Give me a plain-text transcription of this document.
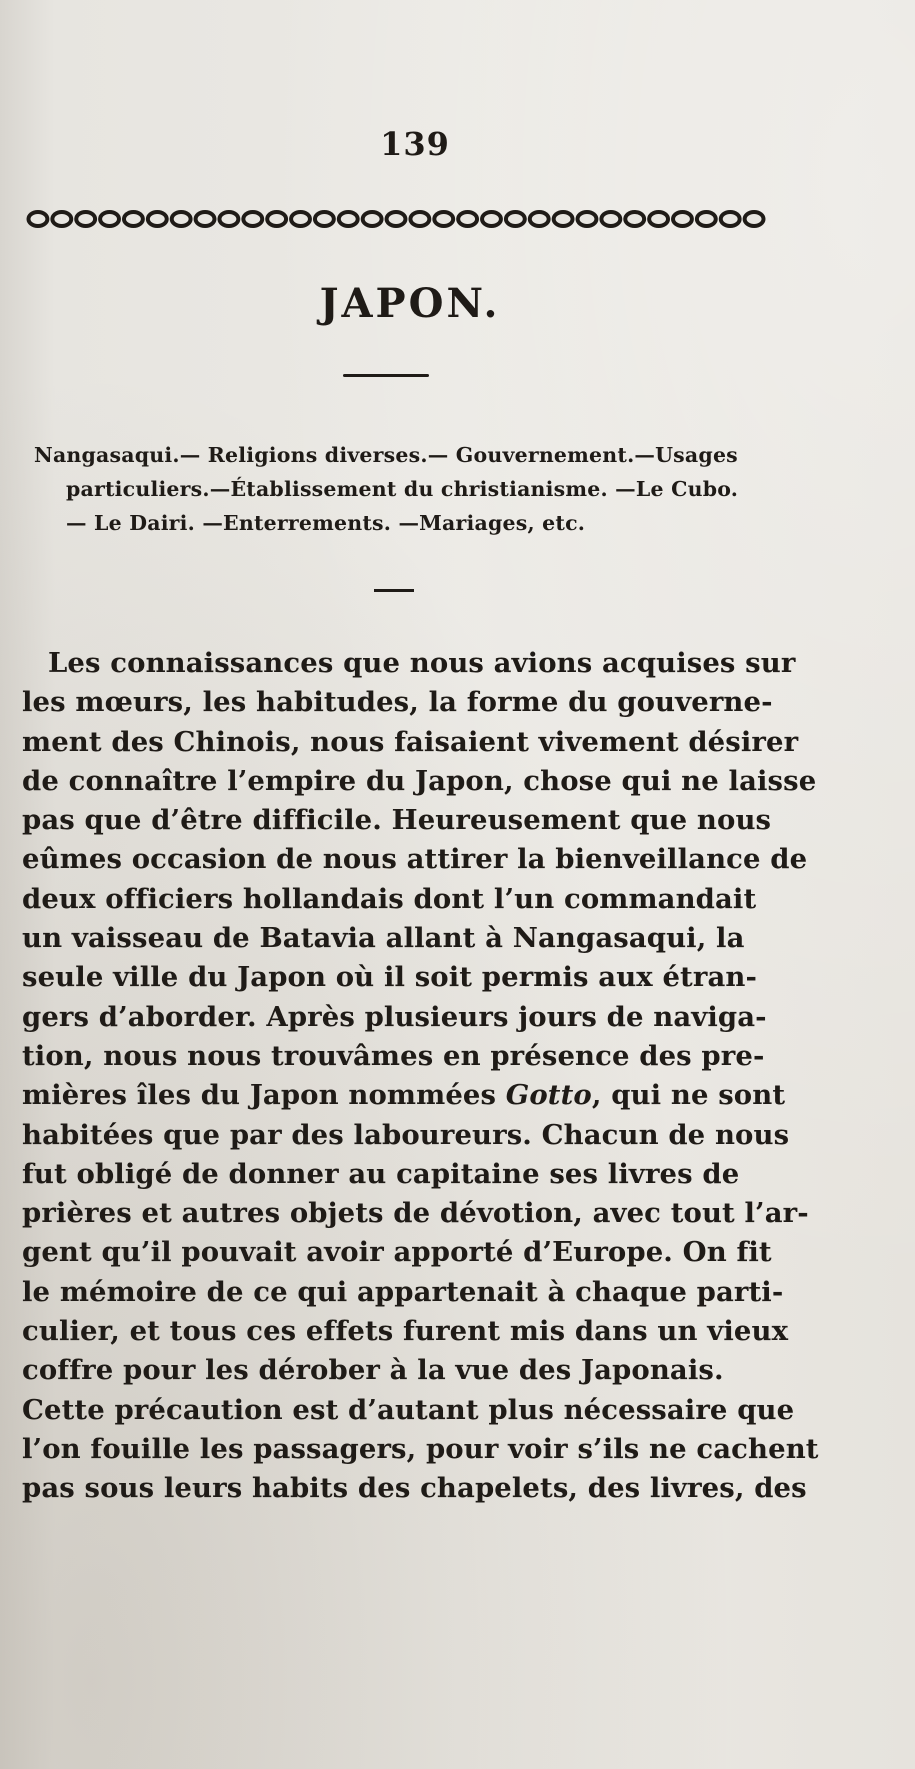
139
JAPON.
Nangasaqui.— Religions diverses.— Gouvernement.—Usages
particuliers.—Établissement du christianisme. —Le Cubo.
— Le Dairi. —Enterrements. —Mariages, etc.
Les connaissances que nous avions acquises sur
les mœurs, les habitudes, la forme du gouverne-
ment des Chinois, nous faisaient vivement désirer
de connaître l’empire du Japon, chose qui ne laisse
pas que d’être difficile. Heureusement que nous
eûmes occasion de nous attirer la bienveillance de
deux officiers hollandais dont l’un commandait
un vaisseau de Batavia allant à Nangasaqui, la
seule ville du Japon où il soit permis aux étran-
gers d’aborder. Après plusieurs jours de naviga-
tion, nous nous trouvâmes en présence des pre-
mières îles du Japon nommées Gotto, qui ne sont
habitées que par des laboureurs. Chacun de nous
fut obligé de donner au capitaine ses livres de
prières et autres objets de dévotion, avec tout l’ar-
gent qu’il pouvait avoir apporté d’Europe. On fit
le mémoire de ce qui appartenait à chaque parti-
culier, et tous ces effets furent mis dans un vieux
coffre pour les dérober à la vue des Japonais.
Cette précaution est d’autant plus nécessaire que
l’on fouille les passagers, pour voir s’ils ne cachent
pas sous leurs habits des chapelets, des livres, des
